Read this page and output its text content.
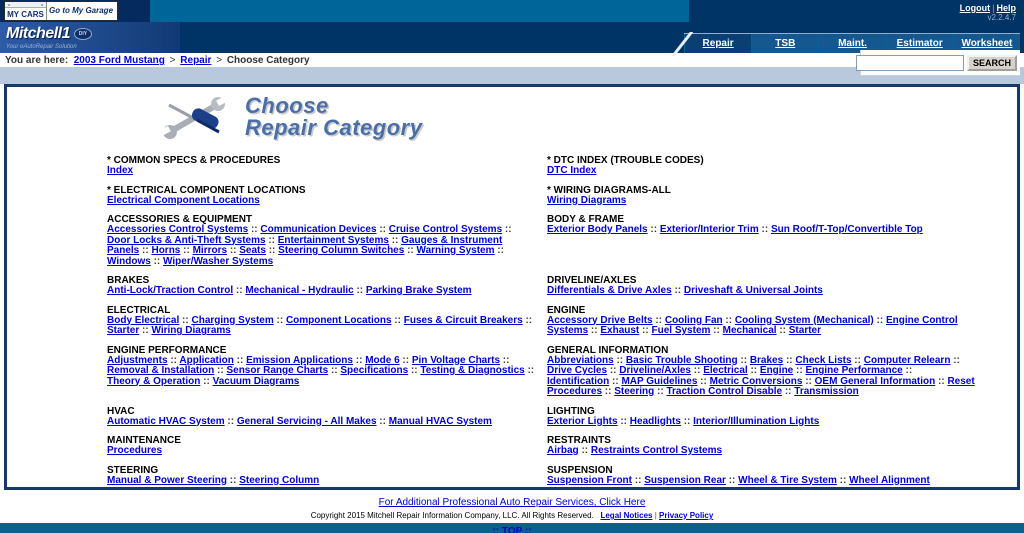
MY CARS Go to My Garage	Logout | Help
v2.2.4.7
Mitchell1	DIY
Your eAutoRepair Solution	Repair	TSB	Maint.	Estimator	Worksheet
You are here: 2003 Ford Mustang > Repair > Choose Category	SEARCH
Choose
Repair Category
* COMMON SPECS & PROCEDURES
Index
* DTC INDEX (TROUBLE CODES)
DTC Index
* ELECTRICAL COMPONENT LOCATIONS
Electrical Component Locations
* WIRING DIAGRAMS-ALL
Wiring Diagrams
ACCESSORIES & EQUIPMENT
Accessories Control Systems :: Communication Devices :: Cruise Control Systems :: Door Locks & Anti-Theft Systems :: Entertainment Systems :: Gauges & Instrument Panels :: Horns :: Mirrors :: Seats :: Steering Column Switches :: Warning System :: Windows :: Wiper/Washer Systems
BODY & FRAME
Exterior Body Panels :: Exterior/Interior Trim :: Sun Roof/T-Top/Convertible Top
BRAKES
Anti-Lock/Traction Control :: Mechanical - Hydraulic :: Parking Brake System
DRIVELINE/AXLES
Differentials & Drive Axles :: Driveshaft & Universal Joints
ELECTRICAL
Body Electrical :: Charging System :: Component Locations :: Fuses & Circuit Breakers :: Starter :: Wiring Diagrams
ENGINE
Accessory Drive Belts :: Cooling Fan :: Cooling System (Mechanical) :: Engine Control Systems :: Exhaust :: Fuel System :: Mechanical :: Starter
ENGINE PERFORMANCE
Adjustments :: Application :: Emission Applications :: Mode 6 :: Pin Voltage Charts :: Removal & Installation :: Sensor Range Charts :: Specifications :: Testing & Diagnostics :: Theory & Operation :: Vacuum Diagrams
GENERAL INFORMATION
Abbreviations :: Basic Trouble Shooting :: Brakes :: Check Lists :: Computer Relearn :: Drive Cycles :: Driveline/Axles :: Electrical :: Engine :: Engine Performance :: Identification :: MAP Guidelines :: Metric Conversions :: OEM General Information :: Reset Procedures :: Steering :: Traction Control Disable :: Transmission
HVAC
Automatic HVAC System :: General Servicing - All Makes :: Manual HVAC System
LIGHTING
Exterior Lights :: Headlights :: Interior/Illumination Lights
MAINTENANCE
Procedures
RESTRAINTS
Airbag :: Restraints Control Systems
STEERING
Manual & Power Steering :: Steering Column
SUSPENSION
Suspension Front :: Suspension Rear :: Wheel & Tire System :: Wheel Alignment
For Additional Professional Auto Repair Services, Click Here
Copyright 2015 Mitchell Repair Information Company, LLC. All Rights Reserved. Legal Notices | Privacy Policy
:: TOP ::
